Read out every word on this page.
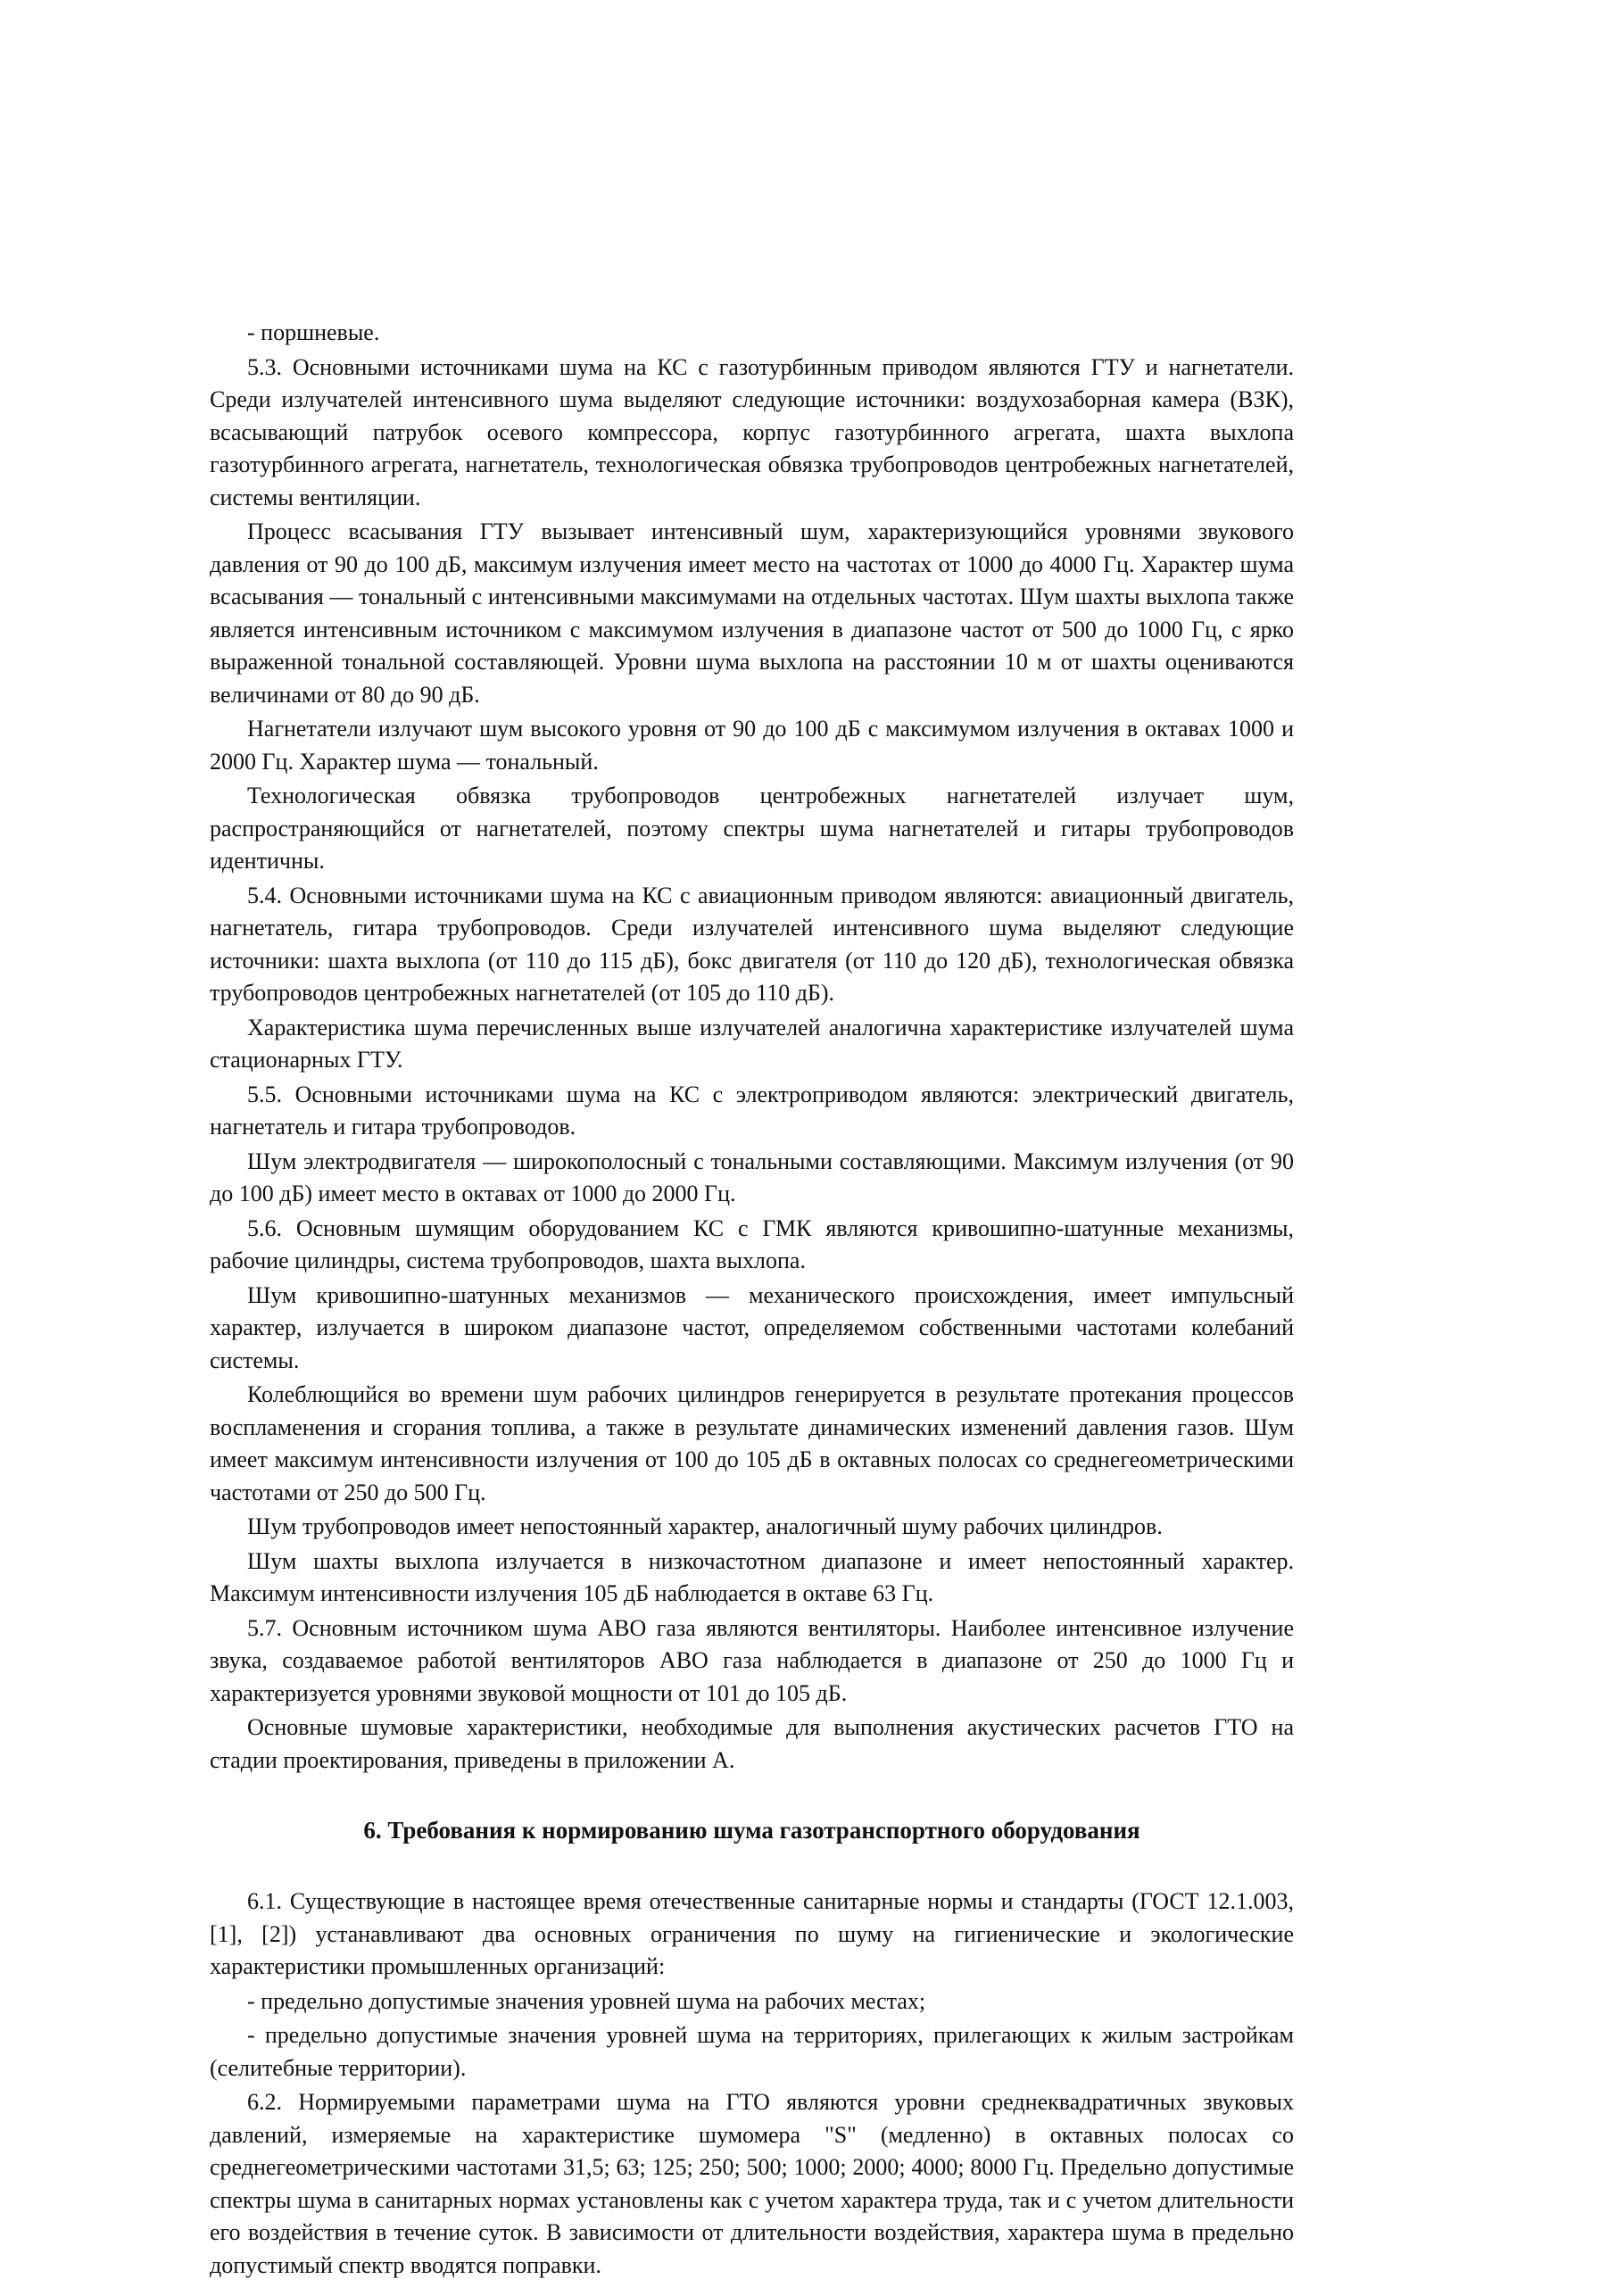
- поршневые.

5.3. Основными источниками шума на КС с газотурбинным приводом являются ГТУ и нагнетатели. Среди излучателей интенсивного шума выделяют следующие источники: воздухозаборная камера (ВЗК), всасывающий патрубок осевого компрессора, корпус газотурбинного агрегата, шахта выхлопа газотурбинного агрегата, нагнетатель, технологическая обвязка трубопроводов центробежных нагнетателей, системы вентиляции.

Процесс всасывания ГТУ вызывает интенсивный шум, характеризующийся уровнями звукового давления от 90 до 100 дБ, максимум излучения имеет место на частотах от 1000 до 4000 Гц. Характер шума всасывания — тональный с интенсивными максимумами на отдельных частотах. Шум шахты выхлопа также является интенсивным источником с максимумом излучения в диапазоне частот от 500 до 1000 Гц, с ярко выраженной тональной составляющей. Уровни шума выхлопа на расстоянии 10 м от шахты оцениваются величинами от 80 до 90 дБ.

Нагнетатели излучают шум высокого уровня от 90 до 100 дБ с максимумом излучения в октавах 1000 и 2000 Гц. Характер шума — тональный.

Технологическая обвязка трубопроводов центробежных нагнетателей излучает шум, распространяющийся от нагнетателей, поэтому спектры шума нагнетателей и гитары трубопроводов идентичны.

5.4. Основными источниками шума на КС с авиационным приводом являются: авиационный двигатель, нагнетатель, гитара трубопроводов. Среди излучателей интенсивного шума выделяют следующие источники: шахта выхлопа (от 110 до 115 дБ), бокс двигателя (от 110 до 120 дБ), технологическая обвязка трубопроводов центробежных нагнетателей (от 105 до 110 дБ).

Характеристика шума перечисленных выше излучателей аналогична характеристике излучателей шума стационарных ГТУ.

5.5. Основными источниками шума на КС с электроприводом являются: электрический двигатель, нагнетатель и гитара трубопроводов.

Шум электродвигателя — широкополосный с тональными составляющими. Максимум излучения (от 90 до 100 дБ) имеет место в октавах от 1000 до 2000 Гц.

5.6. Основным шумящим оборудованием КС с ГМК являются кривошипно-шатунные механизмы, рабочие цилиндры, система трубопроводов, шахта выхлопа.

Шум кривошипно-шатунных механизмов — механического происхождения, имеет импульсный характер, излучается в широком диапазоне частот, определяемом собственными частотами колебаний системы.

Колеблющийся во времени шум рабочих цилиндров генерируется в результате протекания процессов воспламенения и сгорания топлива, а также в результате динамических изменений давления газов. Шум имеет максимум интенсивности излучения от 100 до 105 дБ в октавных полосах со среднегеометрическими частотами от 250 до 500 Гц.

Шум трубопроводов имеет непостоянный характер, аналогичный шуму рабочих цилиндров.

Шум шахты выхлопа излучается в низкочастотном диапазоне и имеет непостоянный характер. Максимум интенсивности излучения 105 дБ наблюдается в октаве 63 Гц.

5.7. Основным источником шума АВО газа являются вентиляторы. Наиболее интенсивное излучение звука, создаваемое работой вентиляторов АВО газа наблюдается в диапазоне от 250 до 1000 Гц и характеризуется уровнями звуковой мощности от 101 до 105 дБ.

Основные шумовые характеристики, необходимые для выполнения акустических расчетов ГТО на стадии проектирования, приведены в приложении А.

6. Требования к нормированию шума газотранспортного оборудования

6.1. Существующие в настоящее время отечественные санитарные нормы и стандарты (ГОСТ 12.1.003, [1], [2]) устанавливают два основных ограничения по шуму на гигиенические и экологические характеристики промышленных организаций:

- предельно допустимые значения уровней шума на рабочих местах;

- предельно допустимые значения уровней шума на территориях, прилегающих к жилым застройкам (селитебные территории).

6.2. Нормируемыми параметрами шума на ГТО являются уровни среднеквадратичных звуковых давлений, измеряемые на характеристике шумомера "S" (медленно) в октавных полосах со среднегеометрическими частотами 31,5; 63; 125; 250; 500; 1000; 2000; 4000; 8000 Гц. Предельно допустимые спектры шума в санитарных нормах установлены как с учетом характера труда, так и с учетом длительности его воздействия в течение суток. В зависимости от длительности воздействия, характера шума в предельно допустимый спектр вводятся поправки.
